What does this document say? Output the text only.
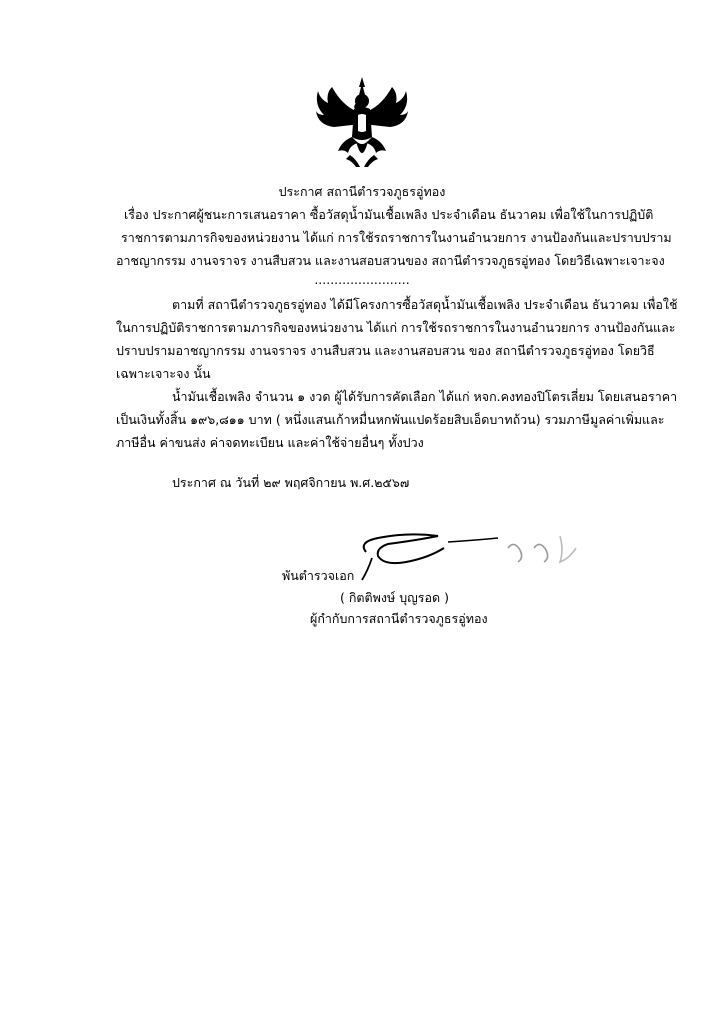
ประกาศ สถานีตำรวจภูธรอู่ทอง
เรื่อง ประกาศผู้ชนะการเสนอราคา ซื้อวัสดุน้ำมันเชื้อเพลิง ประจำเดือน ธันวาคม เพื่อใช้ในการปฏิบัติ
ราชการตามภารกิจของหน่วยงาน ได้แก่ การใช้รถราชการในงานอำนวยการ งานป้องกันและปราบปราม
อาชญากรรม งานจราจร งานสืบสวน และงานสอบสวนของ สถานีตำรวจภูธรอู่ทอง โดยวิธีเฉพาะเจาะจง
........................
ตามที่ สถานีตำรวจภูธรอู่ทอง ได้มีโครงการซื้อวัสดุน้ำมันเชื้อเพลิง ประจำเดือน ธันวาคม เพื่อใช้
ในการปฏิบัติราชการตามภารกิจของหน่วยงาน ได้แก่ การใช้รถราชการในงานอำนวยการ งานป้องกันและ
ปราบปรามอาชญากรรม งานจราจร งานสืบสวน และงานสอบสวน ของ สถานีตำรวจภูธรอู่ทอง โดยวิธี
เฉพาะเจาะจง นั้น
น้ำมันเชื้อเพลิง จำนวน ๑ งวด ผู้ได้รับการคัดเลือก ได้แก่ หจก.คงทองปิโตรเลี่ยม โดยเสนอราคา
เป็นเงินทั้งสิ้น ๑๙๖,๘๑๑ บาท ( หนึ่งแสนเก้าหมื่นหกพันแปดร้อยสิบเอ็ดบาทถ้วน) รวมภาษีมูลค่าเพิ่มและ
ภาษีอื่น ค่าขนส่ง ค่าจดทะเบียน และค่าใช้จ่ายอื่นๆ ทั้งปวง
ประกาศ ณ วันที่ ๒๙ พฤศจิกายน พ.ศ.๒๕๖๗
พันตำรวจเอก
( กิตติพงษ์ บุญรอด )
ผู้กำกับการสถานีตำรวจภูธรอู่ทอง
